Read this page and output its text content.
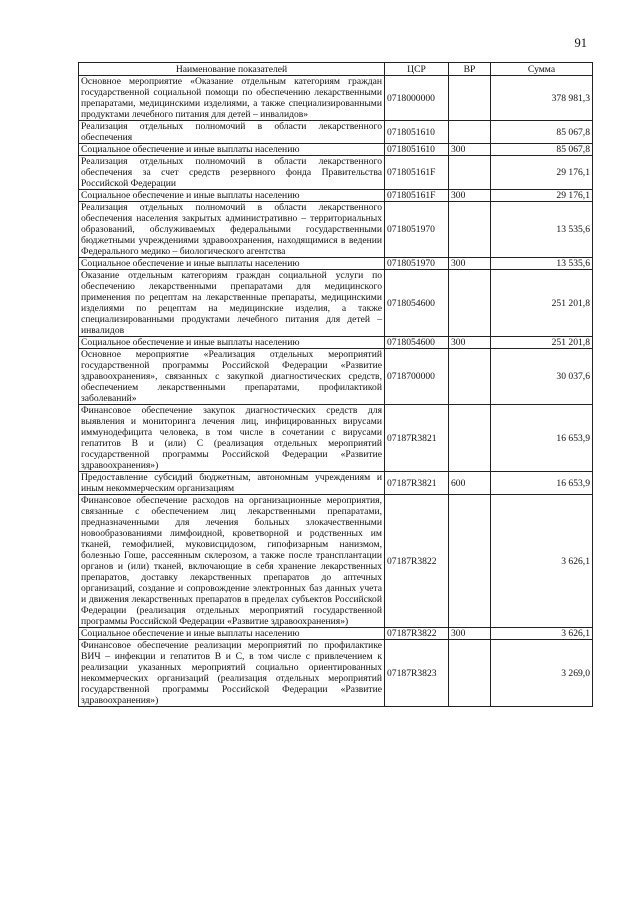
91
Наименование показателей	ЦСР	ВР	Сумма
Основное мероприятие «Оказание отдельным категориям граждан государственной социальной помощи по обеспечению лекарственными препаратами, медицинскими изделиями, а также специализированными продуктами лечебного питания для детей – инвалидов»	0718000000		378 981,3
Реализация отдельных полномочий в области лекарственного обеспечения	0718051610		85 067,8
Социальное обеспечение и иные выплаты населению	0718051610	300	85 067,8
Реализация отдельных полномочий в области лекарственного обеспечения за счет средств резервного фонда Правительства Российской Федерации	071805161F		29 176,1
Социальное обеспечение и иные выплаты населению	071805161F	300	29 176,1
Реализация отдельных полномочий в области лекарственного обеспечения населения закрытых административно – территориальных образований, обслуживаемых федеральными государственными бюджетными учреждениями здравоохранения, находящимися в ведении Федерального медико – биологического агентства	0718051970		13 535,6
Социальное обеспечение и иные выплаты населению	0718051970	300	13 535,6
Оказание отдельным категориям граждан социальной услуги по обеспечению лекарственными препаратами для медицинского применения по рецептам на лекарственные препараты, медицинскими изделиями по рецептам на медицинские изделия, а также специализированными продуктами лечебного питания для детей – инвалидов	0718054600		251 201,8
Социальное обеспечение и иные выплаты населению	0718054600	300	251 201,8
Основное мероприятие «Реализация отдельных мероприятий государственной программы Российской Федерации «Развитие здравоохранения», связанных с закупкой диагностических средств, обеспечением лекарственными препаратами, профилактикой заболеваний»	0718700000		30 037,6
Финансовое обеспечение закупок диагностических средств для выявления и мониторинга лечения лиц, инфицированных вирусами иммунодефицита человека, в том числе в сочетании с вирусами гепатитов В и (или) С (реализация отдельных мероприятий государственной программы Российской Федерации «Развитие здравоохранения»)	07187R3821		16 653,9
Предоставление субсидий бюджетным, автономным учреждениям и иным некоммерческим организациям	07187R3821	600	16 653,9
Финансовое обеспечение расходов на организационные мероприятия, связанные с обеспечением лиц лекарственными препаратами, предназначенными для лечения больных злокачественными новообразованиями лимфоидной, кроветворной и родственных им тканей, гемофилией, муковисцидозом, гипофизарным нанизмом, болезнью Гоше, рассеянным склерозом, а также после трансплантации органов и (или) тканей, включающие в себя хранение лекарственных препаратов, доставку лекарственных препаратов до аптечных организаций, создание и сопровождение электронных баз данных учета и движения лекарственных препаратов в пределах субъектов Российской Федерации (реализация отдельных мероприятий государственной программы Российской Федерации «Развитие здравоохранения»)	07187R3822		3 626,1
Социальное обеспечение и иные выплаты населению	07187R3822	300	3 626,1
Финансовое обеспечение реализации мероприятий по профилактике ВИЧ – инфекции и гепатитов В и С, в том числе с привлечением к реализации указанных мероприятий социально ориентированных некоммерческих организаций (реализация отдельных мероприятий государственной программы Российской Федерации «Развитие здравоохранения»)	07187R3823		3 269,0
